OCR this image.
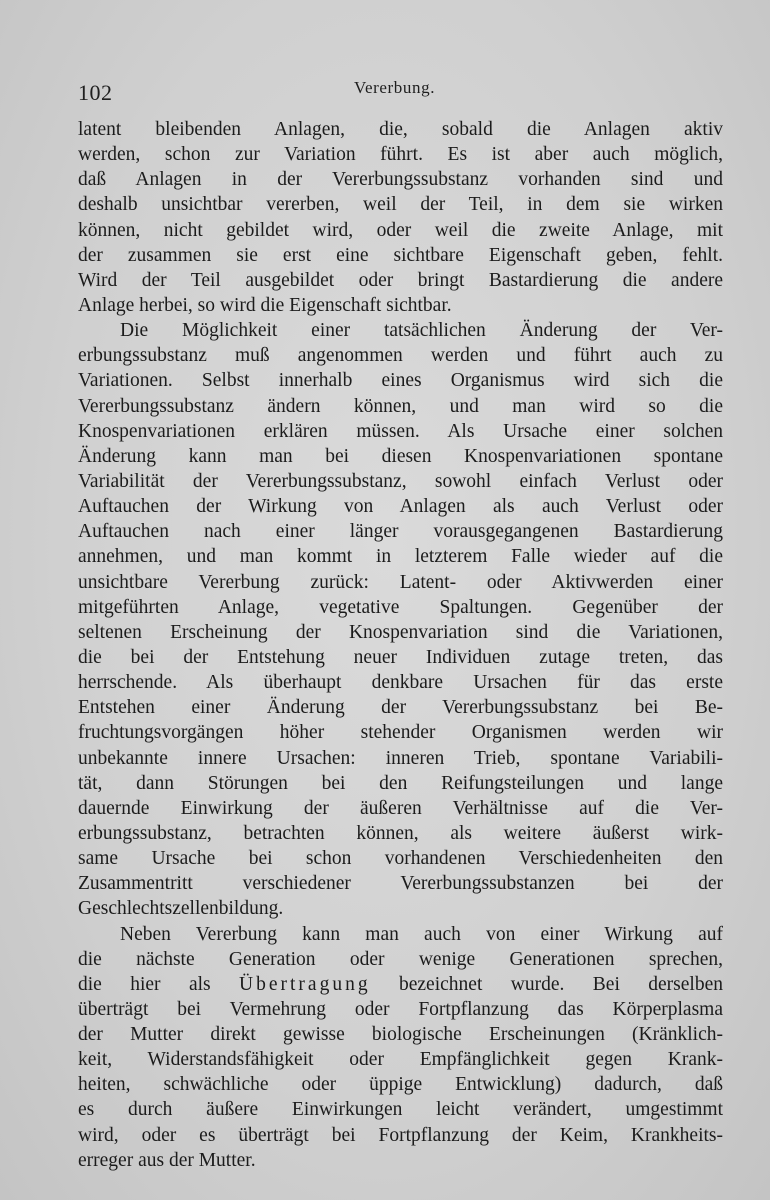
102	Vererbung.
latent bleibenden Anlagen, die, sobald die Anlagen aktiv
werden, schon zur Variation führt. Es ist aber auch möglich,
daß Anlagen in der Vererbungssubstanz vorhanden sind und
deshalb unsichtbar vererben, weil der Teil, in dem sie wirken
können, nicht gebildet wird, oder weil die zweite Anlage, mit
der zusammen sie erst eine sichtbare Eigenschaft geben, fehlt.
Wird der Teil ausgebildet oder bringt Bastardierung die andere
Anlage herbei, so wird die Eigenschaft sichtbar.
Die Möglichkeit einer tatsächlichen Änderung der Ver-
erbungssubstanz muß angenommen werden und führt auch zu
Variationen. Selbst innerhalb eines Organismus wird sich die
Vererbungssubstanz ändern können, und man wird so die
Knospenvariationen erklären müssen. Als Ursache einer solchen
Änderung kann man bei diesen Knospenvariationen spontane
Variabilität der Vererbungssubstanz, sowohl einfach Verlust oder
Auftauchen der Wirkung von Anlagen als auch Verlust oder
Auftauchen nach einer länger vorausgegangenen Bastardierung
annehmen, und man kommt in letzterem Falle wieder auf die
unsichtbare Vererbung zurück: Latent- oder Aktivwerden einer
mitgeführten Anlage, vegetative Spaltungen. Gegenüber der
seltenen Erscheinung der Knospenvariation sind die Variationen,
die bei der Entstehung neuer Individuen zutage treten, das
herrschende. Als überhaupt denkbare Ursachen für das erste
Entstehen einer Änderung der Vererbungssubstanz bei Be-
fruchtungsvorgängen höher stehender Organismen werden wir
unbekannte innere Ursachen: inneren Trieb, spontane Variabili-
tät, dann Störungen bei den Reifungsteilungen und lange
dauernde Einwirkung der äußeren Verhältnisse auf die Ver-
erbungssubstanz, betrachten können, als weitere äußerst wirk-
same Ursache bei schon vorhandenen Verschiedenheiten den
Zusammentritt verschiedener Vererbungssubstanzen bei der
Geschlechtszellenbildung.
Neben Vererbung kann man auch von einer Wirkung auf
die nächste Generation oder wenige Generationen sprechen,
die hier als Übertragung bezeichnet wurde. Bei derselben
überträgt bei Vermehrung oder Fortpflanzung das Körperplasma
der Mutter direkt gewisse biologische Erscheinungen (Kränklich-
keit, Widerstandsfähigkeit oder Empfänglichkeit gegen Krank-
heiten, schwächliche oder üppige Entwicklung) dadurch, daß
es durch äußere Einwirkungen leicht verändert, umgestimmt
wird, oder es überträgt bei Fortpflanzung der Keim, Krankheits-
erreger aus der Mutter.
